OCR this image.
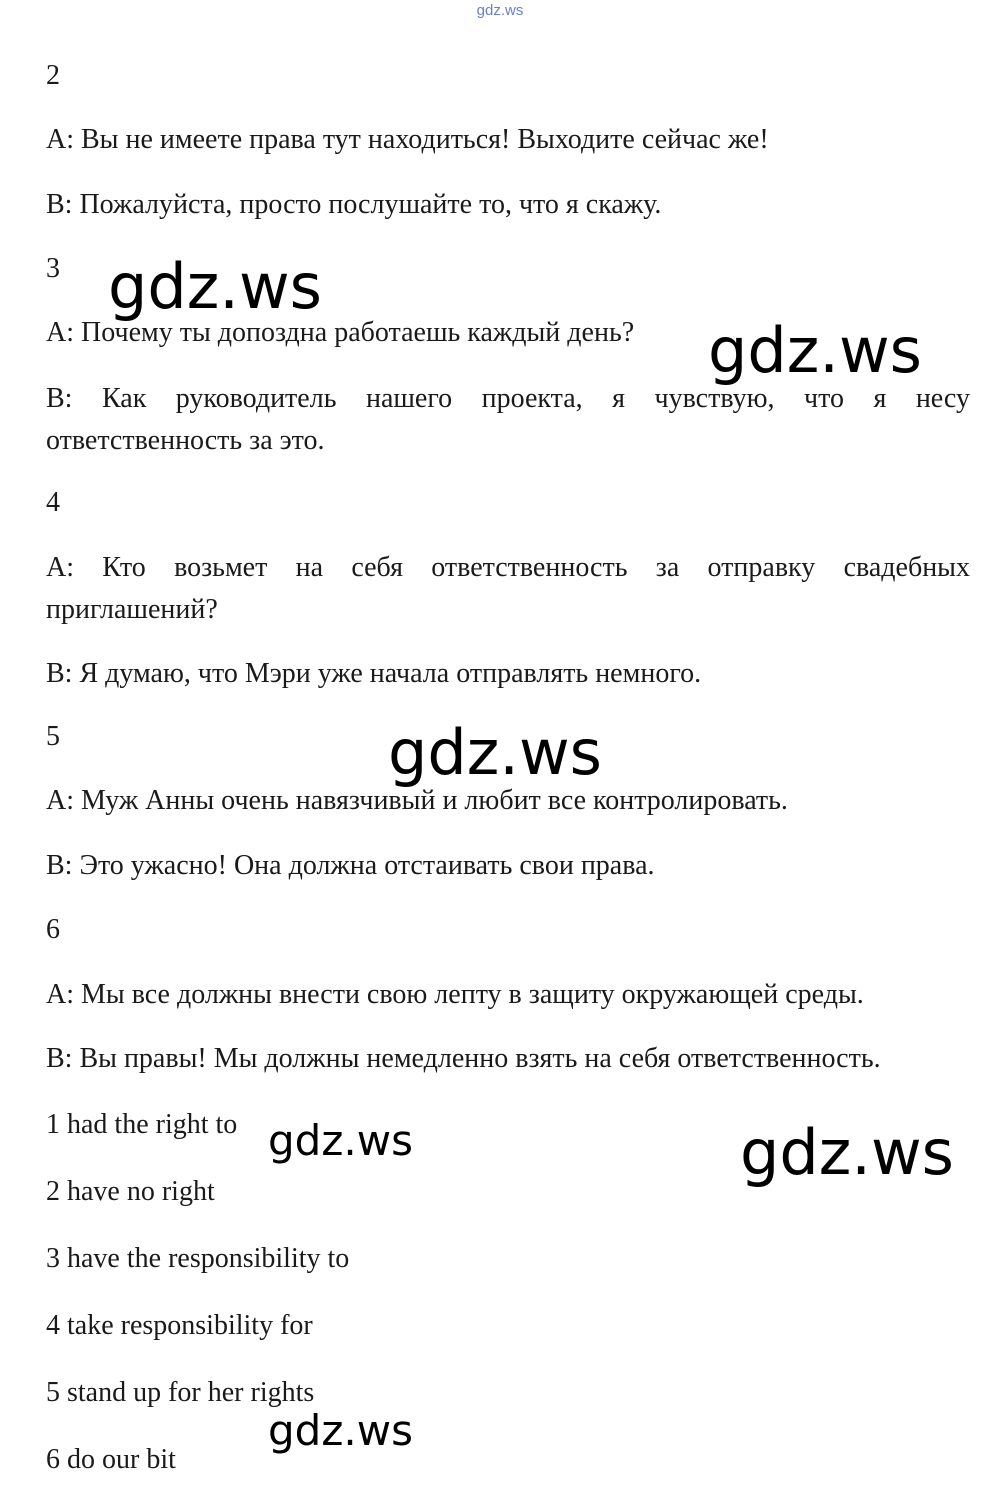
gdz.ws
2
A: Вы не имеете права тут находиться! Выходите сейчас же!
B: Пожалуйста, просто послушайте то, что я скажу.
3
A: Почему ты допоздна работаешь каждый день?
B: Как руководитель нашего проекта, я чувствую, что я несу ответственность за это.
4
A: Кто возьмет на себя ответственность за отправку свадебных приглашений?
B: Я думаю, что Мэри уже начала отправлять немного.
5
A: Муж Анны очень навязчивый и любит все контролировать.
B: Это ужасно! Она должна отстаивать свои права.
6
A: Мы все должны внести свою лепту в защиту окружающей среды.
B: Вы правы! Мы должны немедленно взять на себя ответственность.
1 had the right to
2 have no right
3 have the responsibility to
4 take responsibility for
5 stand up for her rights
6 do our bit
gdz.ws
gdz.ws
gdz.ws
gdz.ws	gdz.ws
gdz.ws
